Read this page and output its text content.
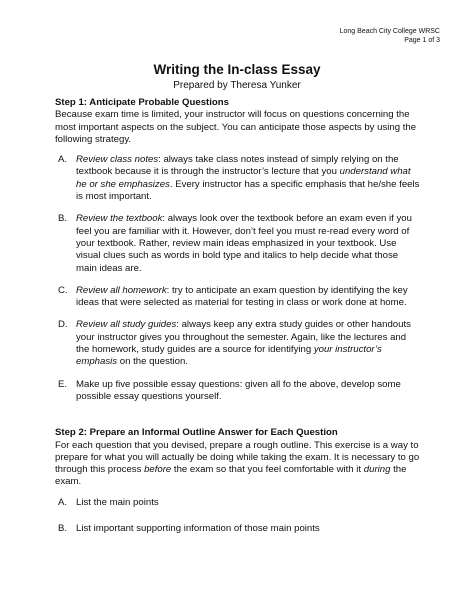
Long Beach City College WRSC
Page 1 of 3
Writing the In-class Essay
Prepared by Theresa Yunker

Step 1: Anticipate Probable Questions

Because exam time is limited, your instructor will focus on questions concerning the most important aspects on the subject. You can anticipate those aspects by using the following strategy.

A. Review class notes: always take class notes instead of simply relying on the textbook because it is through the instructor’s lecture that you understand what he or she emphasizes. Every instructor has a specific emphasis that he/she feels is most important.
B. Review the textbook: always look over the textbook before an exam even if you feel you are familiar with it. However, don’t feel you must re-read every word of your textbook. Rather, review main ideas emphasized in your textbook. Use visual clues such as words in bold type and italics to help decide what those main ideas are.
C. Review all homework: try to anticipate an exam question by identifying the key ideas that were selected as material for testing in class or work done at home.
D. Review all study guides: always keep any extra study guides or other handouts your instructor gives you throughout the semester. Again, like the lectures and the homework, study guides are a source for identifying your instructor’s emphasis on the question.
E. Make up five possible essay questions: given all fo the above, develop some possible essay questions yourself.

Step 2: Prepare an Informal Outline Answer for Each Question

For each question that you devised, prepare a rough outline. This exercise is a way to prepare for what you will actually be doing while taking the exam. It is necessary to go through this process before the exam so that you feel comfortable with it during the exam.

A. List the main points
B. List important supporting information of those main points
